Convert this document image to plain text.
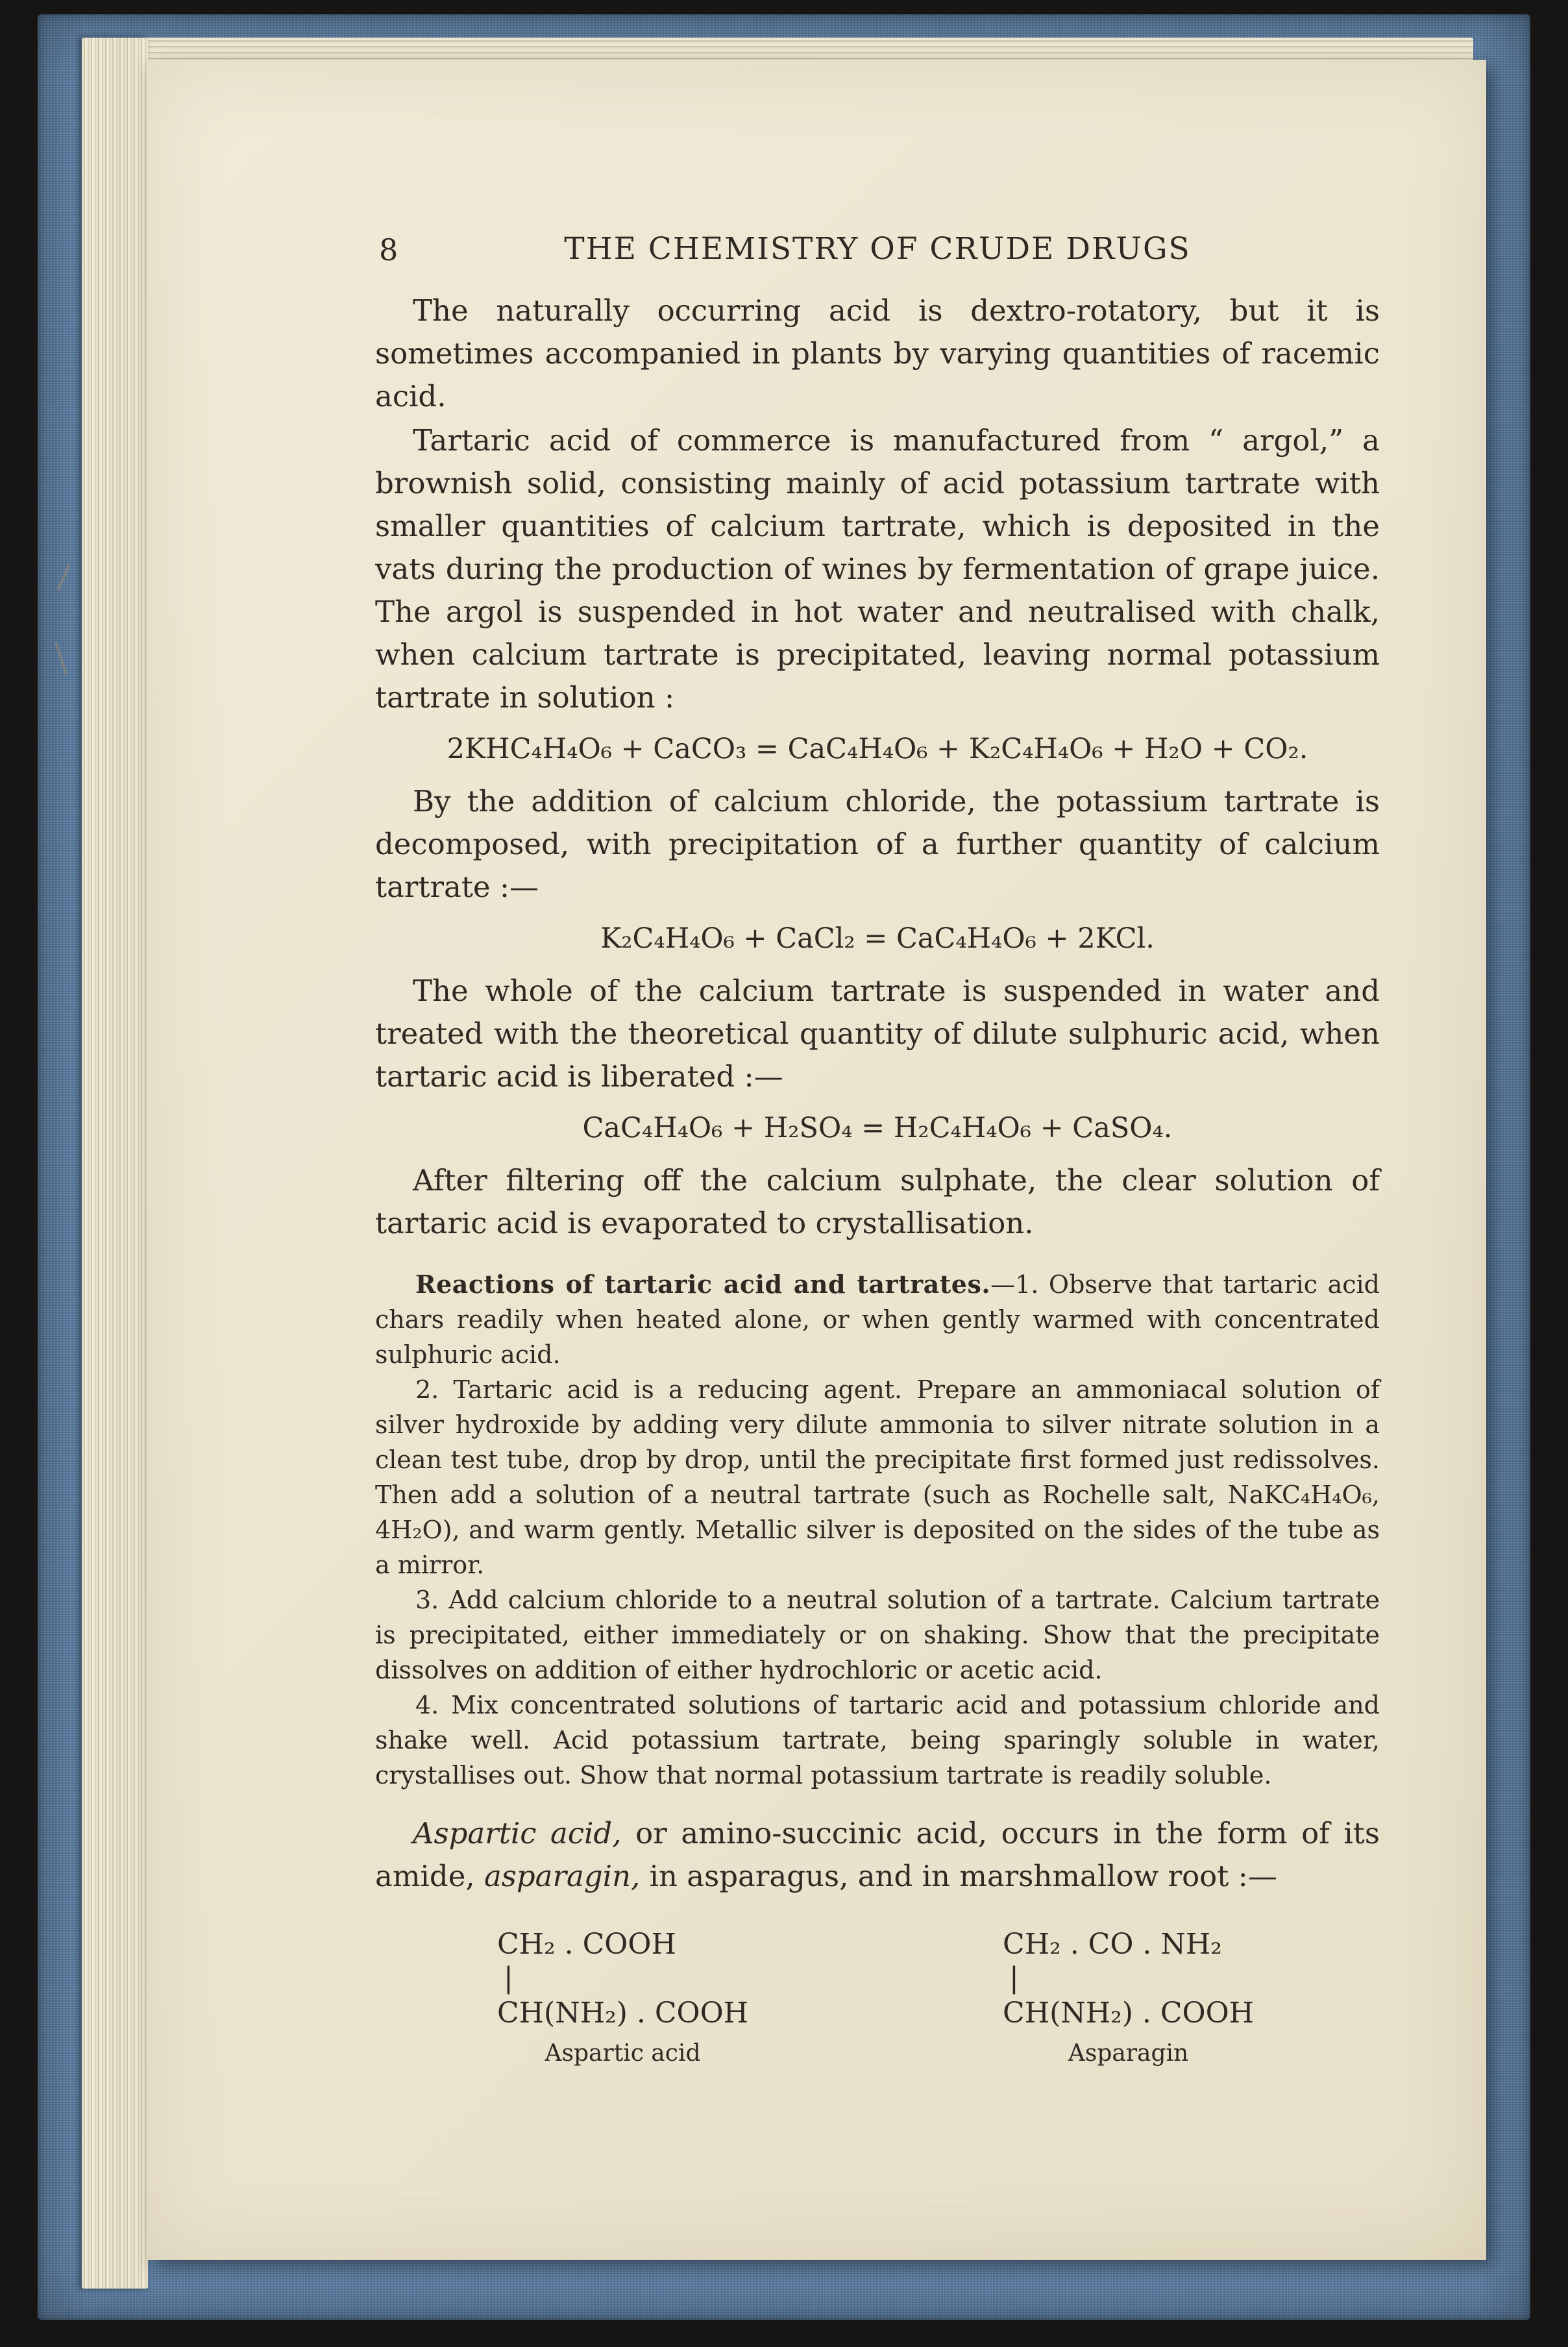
8	THE CHEMISTRY OF CRUDE DRUGS

The naturally occurring acid is dextro-rotatory, but it is sometimes accompanied in plants by varying quantities of racemic acid.

Tartaric acid of commerce is manufactured from “ argol,” a brownish solid, consisting mainly of acid potassium tartrate with smaller quantities of calcium tartrate, which is deposited in the vats during the production of wines by fermentation of grape juice. The argol is suspended in hot water and neutralised with chalk, when calcium tartrate is precipitated, leaving normal potassium tartrate in solution :

2KHC₄H₄O₆ + CaCO₃ = CaC₄H₄O₆ + K₂C₄H₄O₆ + H₂O + CO₂.

By the addition of calcium chloride, the potassium tartrate is decomposed, with precipitation of a further quantity of calcium tartrate :—

K₂C₄H₄O₆ + CaCl₂ = CaC₄H₄O₆ + 2KCl.

The whole of the calcium tartrate is suspended in water and treated with the theoretical quantity of dilute sulphuric acid, when tartaric acid is liberated :—

CaC₄H₄O₆ + H₂SO₄ = H₂C₄H₄O₆ + CaSO₄.

After filtering off the calcium sulphate, the clear solution of tartaric acid is evaporated to crystallisation.

Reactions of tartaric acid and tartrates.—1. Observe that tartaric acid chars readily when heated alone, or when gently warmed with concentrated sulphuric acid.

2. Tartaric acid is a reducing agent. Prepare an ammoniacal solution of silver hydroxide by adding very dilute ammonia to silver nitrate solution in a clean test tube, drop by drop, until the precipitate first formed just redissolves. Then add a solution of a neutral tartrate (such as Rochelle salt, NaKC₄H₄O₆, 4H₂O), and warm gently. Metallic silver is deposited on the sides of the tube as a mirror.

3. Add calcium chloride to a neutral solution of a tartrate. Calcium tartrate is precipitated, either immediately or on shaking. Show that the precipitate dissolves on addition of either hydrochloric or acetic acid.

4. Mix concentrated solutions of tartaric acid and potassium chloride and shake well. Acid potassium tartrate, being sparingly soluble in water, crystallises out. Show that normal potassium tartrate is readily soluble.

Aspartic acid, or amino-succinic acid, occurs in the form of its amide, asparagin, in asparagus, and in marshmallow root :—

CH₂ . COOH
|
CH(NH₂) . COOH
Aspartic acid
CH₂ . CO . NH₂
|
CH(NH₂) . COOH
Asparagin
